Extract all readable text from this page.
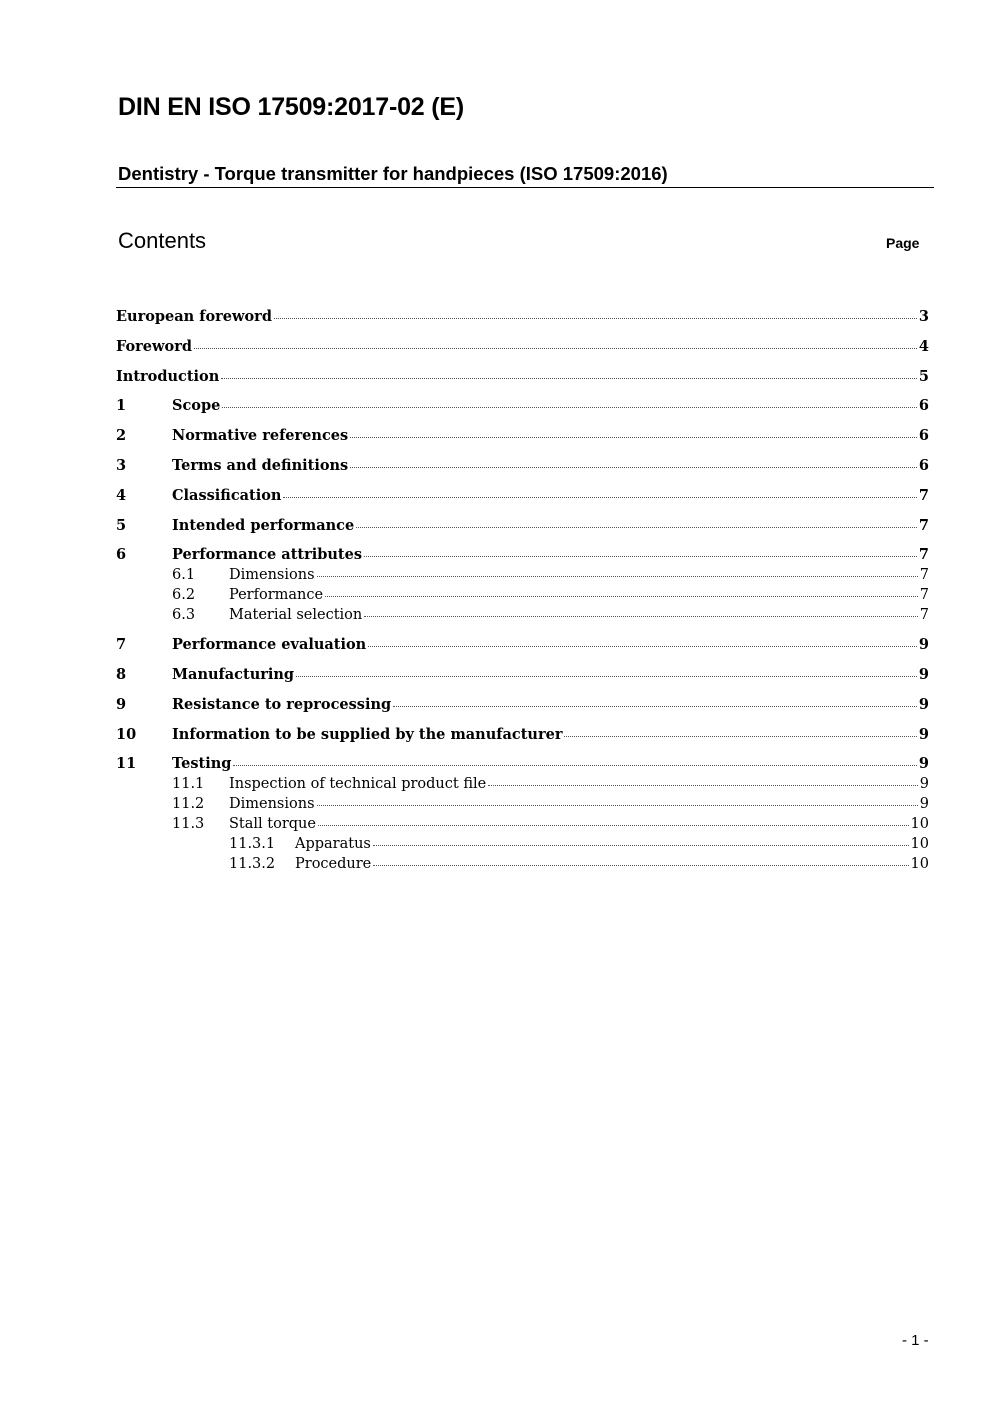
DIN EN ISO 17509:2017-02 (E)
Dentistry - Torque transmitter for handpieces (ISO 17509:2016)
Contents	Page
European foreword	3
Foreword	4
Introduction	5
1	Scope	6
2	Normative references	6
3	Terms and definitions	6
4	Classification	7
5	Intended performance	7
6	Performance attributes	7
6.1	Dimensions	7
6.2	Performance	7
6.3	Material selection	7
7	Performance evaluation	9
8	Manufacturing	9
9	Resistance to reprocessing	9
10	Information to be supplied by the manufacturer	9
11	Testing	9
11.1	Inspection of technical product file	9
11.2	Dimensions	9
11.3	Stall torque	10
11.3.1	Apparatus	10
11.3.2	Procedure	10
- 1 -
